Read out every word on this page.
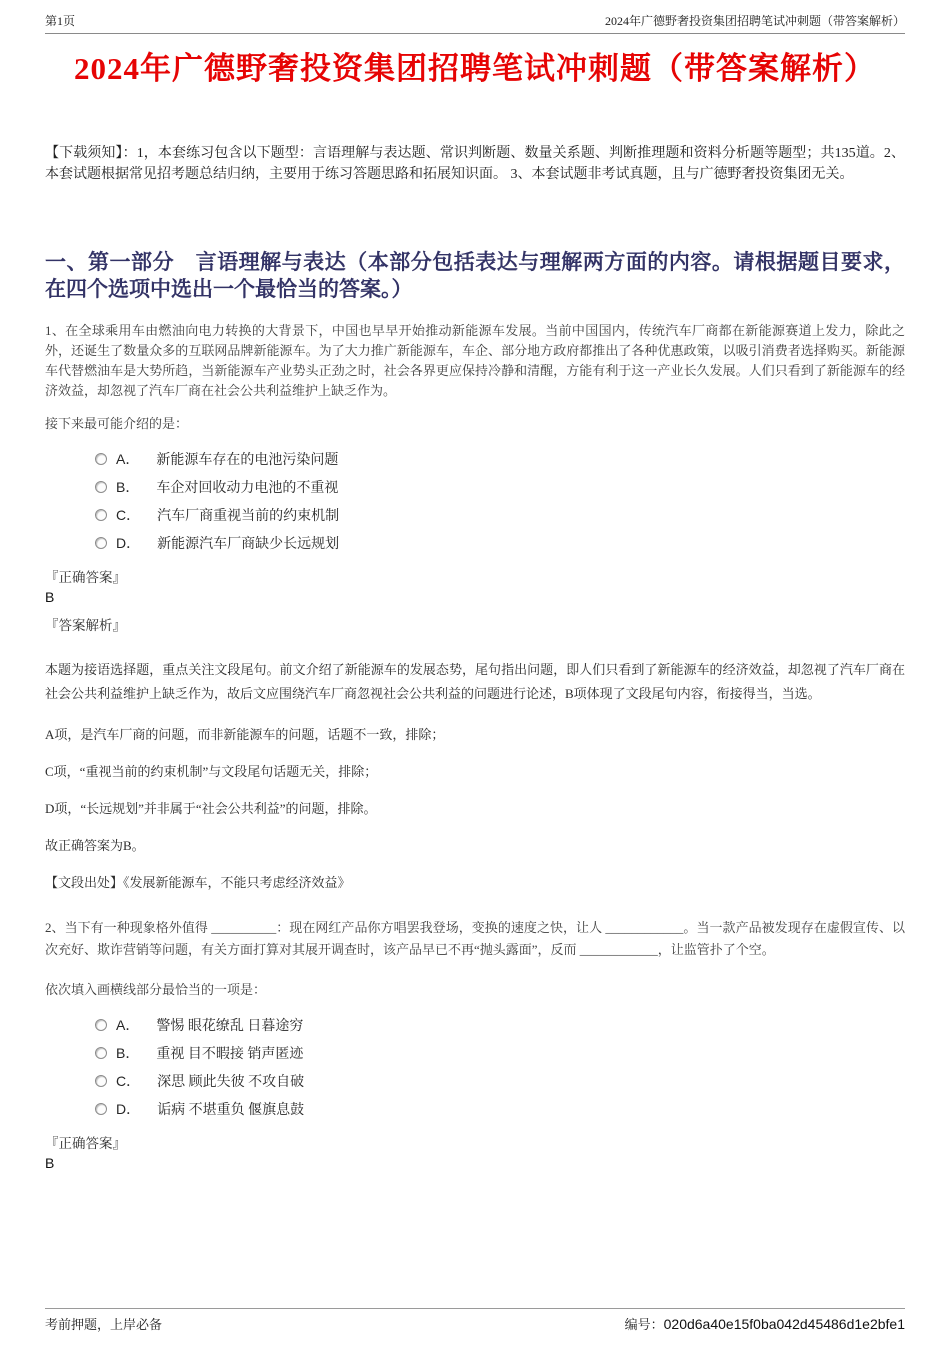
第1页	2024年广德野奢投资集团招聘笔试冲刺题（带答案解析）
2024年广德野奢投资集团招聘笔试冲刺题（带答案解析）

【下载须知】：1，本套练习包含以下题型：言语理解与表达题、常识判断题、数量关系题、判断推理题和资料分析题等题型；共135道。2、本套试题根据常见招考题总结归纳，主要用于练习答题思路和拓展知识面。 3、本套试题非考试真题，且与广德野奢投资集团无关。

一、第一部分　言语理解与表达（本部分包括表达与理解两方面的内容。请根据题目要求，在四个选项中选出一个最恰当的答案。）

1、在全球乘用车由燃油向电力转换的大背景下，中国也早早开始推动新能源车发展。当前中国国内，传统汽车厂商都在新能源赛道上发力，除此之外，还诞生了数量众多的互联网品牌新能源车。为了大力推广新能源车，车企、部分地方政府都推出了各种优惠政策，以吸引消费者选择购买。新能源车代替燃油车是大势所趋，当新能源车产业势头正劲之时，社会各界更应保持冷静和清醒，方能有利于这一产业长久发展。人们只看到了新能源车的经济效益，却忽视了汽车厂商在社会公共利益维护上缺乏作为。

接下来最可能介绍的是：

A． 新能源车存在的电池污染问题
B． 车企对回收动力电池的不重视
C． 汽车厂商重视当前的约束机制
D． 新能源汽车厂商缺少长远规划

『正确答案』

B

『答案解析』

本题为接语选择题，重点关注文段尾句。前文介绍了新能源车的发展态势，尾句指出问题，即人们只看到了新能源车的经济效益，却忽视了汽车厂商在社会公共利益维护上缺乏作为，故后文应围绕汽车厂商忽视社会公共利益的问题进行论述，B项体现了文段尾句内容，衔接得当，当选。

A项，是汽车厂商的问题，而非新能源车的问题，话题不一致，排除；

C项，“重视当前的约束机制”与文段尾句话题无关，排除；

D项，“长远规划”并非属于“社会公共利益”的问题，排除。

故正确答案为B。

【文段出处】《发展新能源车，不能只考虑经济效益》

2、当下有一种现象格外值得 __________：现在网红产品你方唱罢我登场，变换的速度之快，让人 ____________。当一款产品被发现存在虚假宣传、以次充好、欺诈营销等问题，有关方面打算对其展开调查时，该产品早已不再“抛头露面”，反而 ____________，让监管扑了个空。

依次填入画横线部分最恰当的一项是：

A． 警惕 眼花缭乱 日暮途穷
B． 重视 目不暇接 销声匿迹
C． 深思 顾此失彼 不攻自破
D． 诟病 不堪重负 偃旗息鼓

『正确答案』

B

考前押题，上岸必备	编号：020d6a40e15f0ba042d45486d1e2bfe1
